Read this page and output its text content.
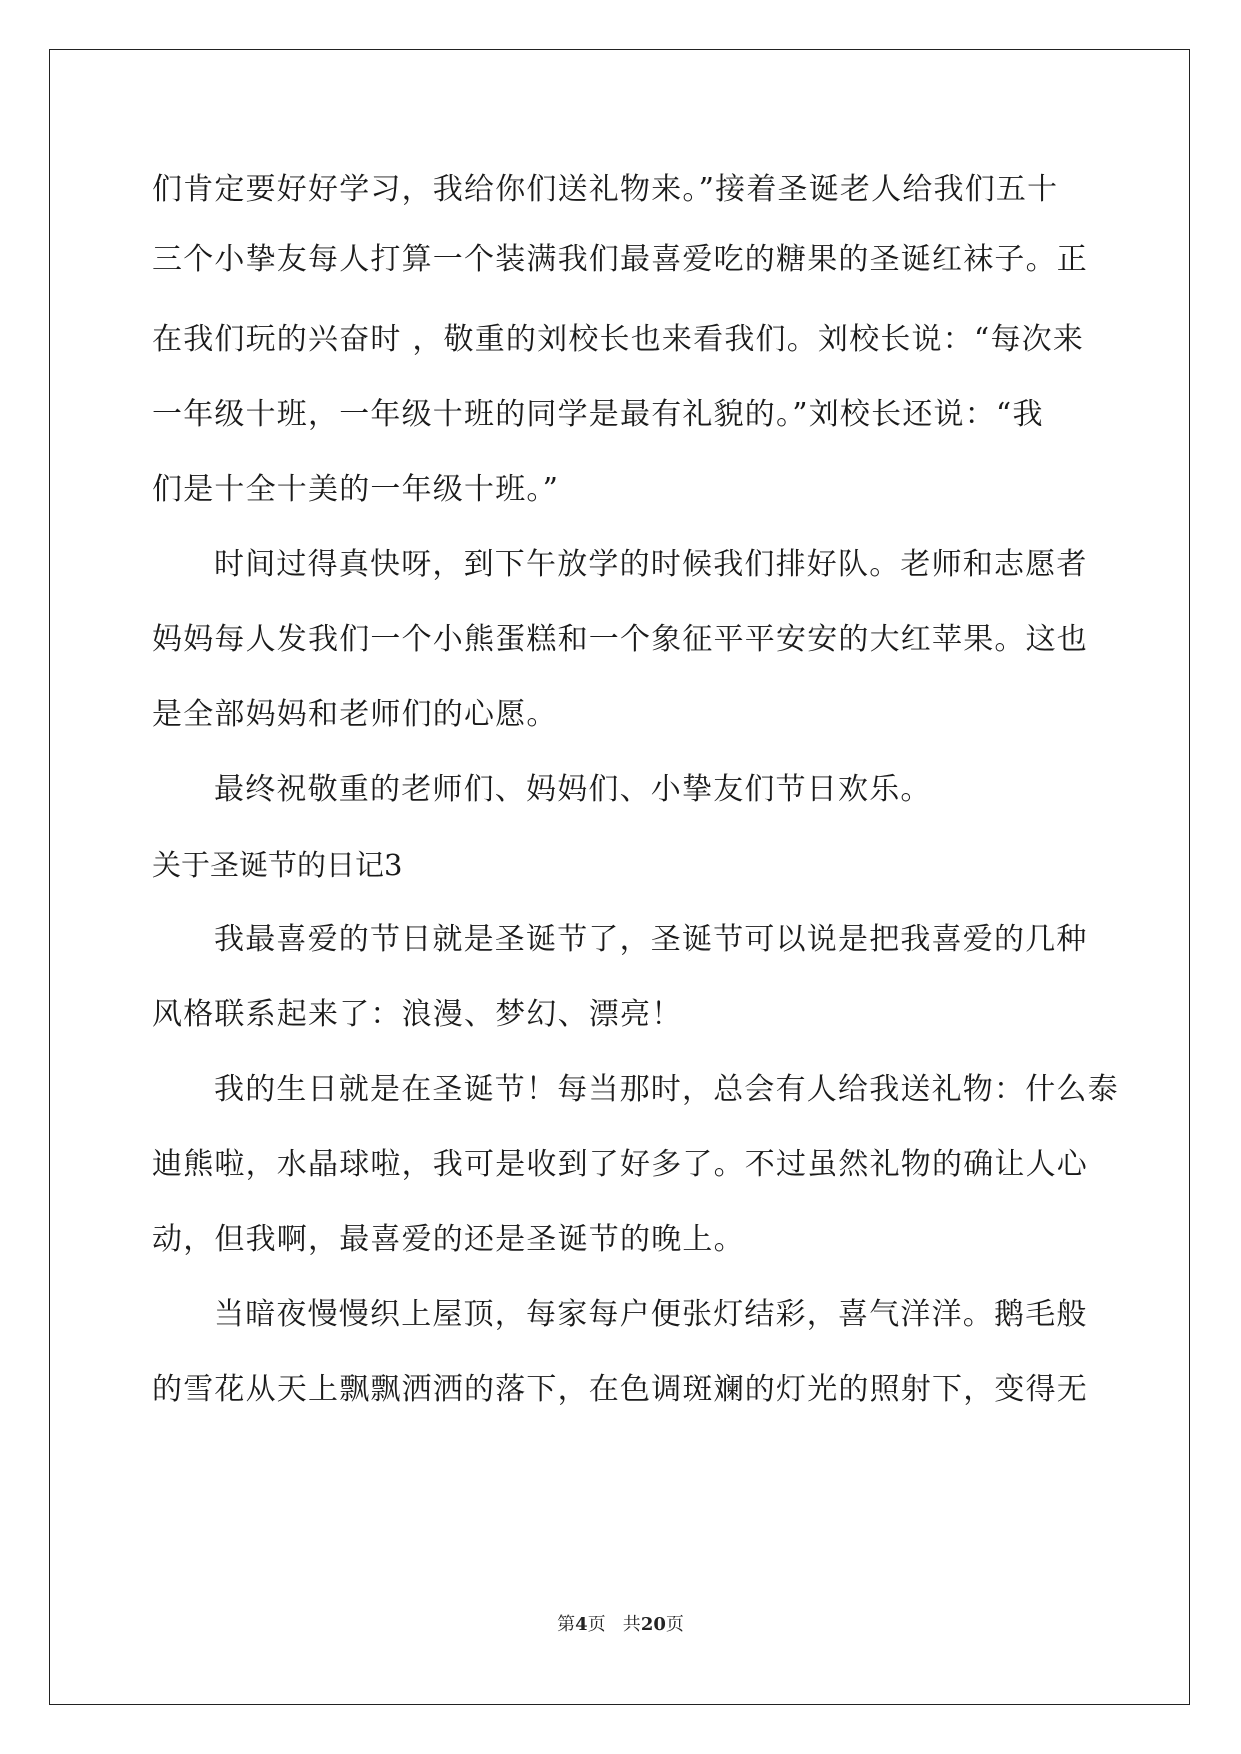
们肯定要好好学习，我给你们送礼物来。”接着圣诞老人给我们五十
三个小挚友每人打算一个装满我们最喜爱吃的糖果的圣诞红袜子。正
在我们玩的兴奋时 ，敬重的刘校长也来看我们。刘校长说：“每次来
一年级十班，一年级十班的同学是最有礼貌的。”刘校长还说：“我
们是十全十美的一年级十班。”
时间过得真快呀，到下午放学的时候我们排好队。老师和志愿者
妈妈每人发我们一个小熊蛋糕和一个象征平平安安的大红苹果。这也
是全部妈妈和老师们的心愿。
最终祝敬重的老师们、妈妈们、小挚友们节日欢乐。
关于圣诞节的日记3
我最喜爱的节日就是圣诞节了，圣诞节可以说是把我喜爱的几种
风格联系起来了：浪漫、梦幻、漂亮！
我的生日就是在圣诞节！每当那时，总会有人给我送礼物：什么泰
迪熊啦，水晶球啦，我可是收到了好多了。不过虽然礼物的确让人心
动，但我啊，最喜爱的还是圣诞节的晚上。
当暗夜慢慢织上屋顶，每家每户便张灯结彩，喜气洋洋。鹅毛般
的雪花从天上飘飘洒洒的落下，在色调斑斓的灯光的照射下，变得无
第4页   共20页
